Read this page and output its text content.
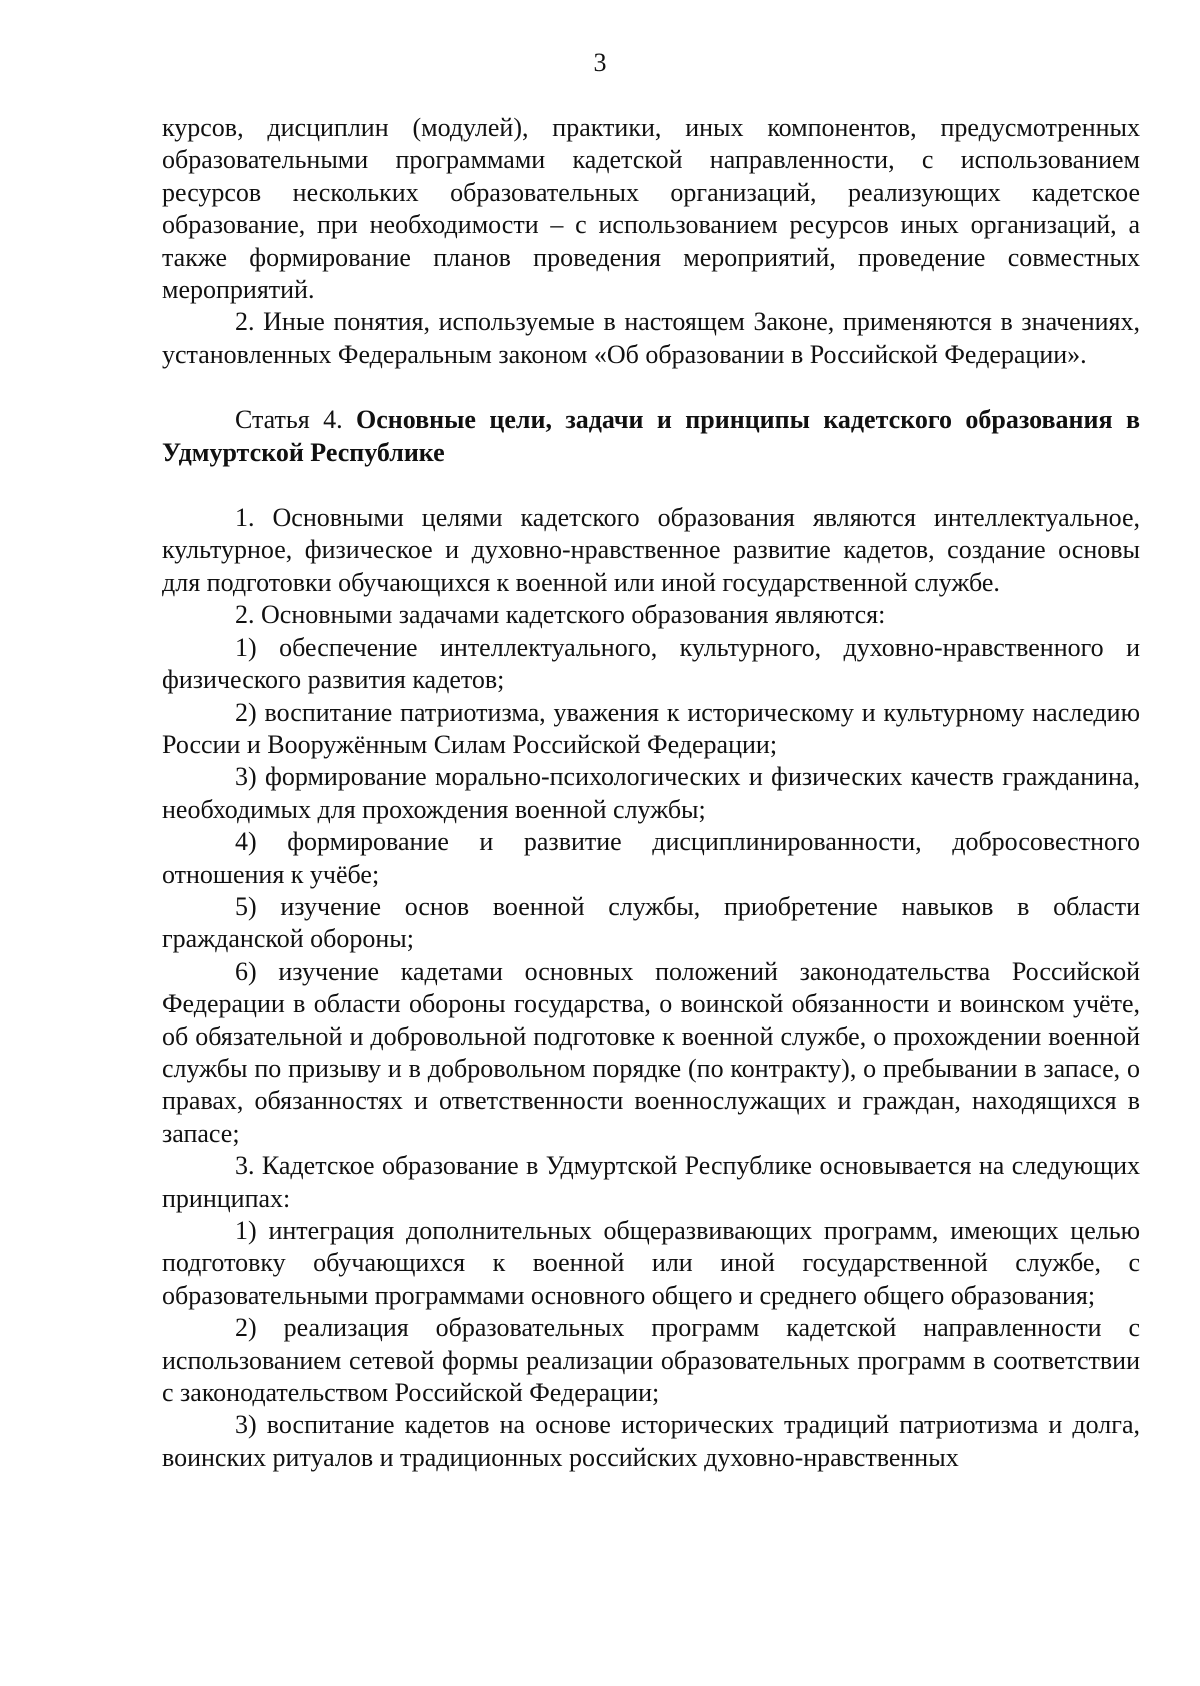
3

курсов, дисциплин (модулей), практики, иных компонентов, предусмотренных образовательными программами кадетской направленности, с использованием ресурсов нескольких образовательных организаций, реализующих кадетское образование, при необходимости – с использованием ресурсов иных организаций, а также формирование планов проведения мероприятий, проведение совместных мероприятий.

2. Иные понятия, используемые в настоящем Законе, применяются в значениях, установленных Федеральным законом «Об образовании в Российской Федерации».

Статья 4. Основные цели, задачи и принципы кадетского образования в Удмуртской Республике

1. Основными целями кадетского образования являются интеллектуальное, культурное, физическое и духовно-нравственное развитие кадетов, создание основы для подготовки обучающихся к военной или иной государственной службе.

2. Основными задачами кадетского образования являются:

1) обеспечение интеллектуального, культурного, духовно-нравственного и физического развития кадетов;

2) воспитание патриотизма, уважения к историческому и культурному наследию России и Вооружённым Силам Российской Федерации;

3) формирование морально-психологических и физических качеств гражданина, необходимых для прохождения военной службы;

4) формирование и развитие дисциплинированности, добросовестного отношения к учёбе;

5) изучение основ военной службы, приобретение навыков в области гражданской обороны;

6) изучение кадетами основных положений законодательства Российской Федерации в области обороны государства, о воинской обязанности и воинском учёте, об обязательной и добровольной подготовке к военной службе, о прохождении военной службы по призыву и в добровольном порядке (по контракту), о пребывании в запасе, о правах, обязанностях и ответственности военнослужащих и граждан, находящихся в запасе;

3. Кадетское образование в Удмуртской Республике основывается на следующих принципах:

1) интеграция дополнительных общеразвивающих программ, имеющих целью подготовку обучающихся к военной или иной государственной службе, с образовательными программами основного общего и среднего общего образования;

2) реализация образовательных программ кадетской направленности с использованием сетевой формы реализации образовательных программ в соответствии с законодательством Российской Федерации;

3) воспитание кадетов на основе исторических традиций патриотизма и долга, воинских ритуалов и традиционных российских духовно-нравственных
